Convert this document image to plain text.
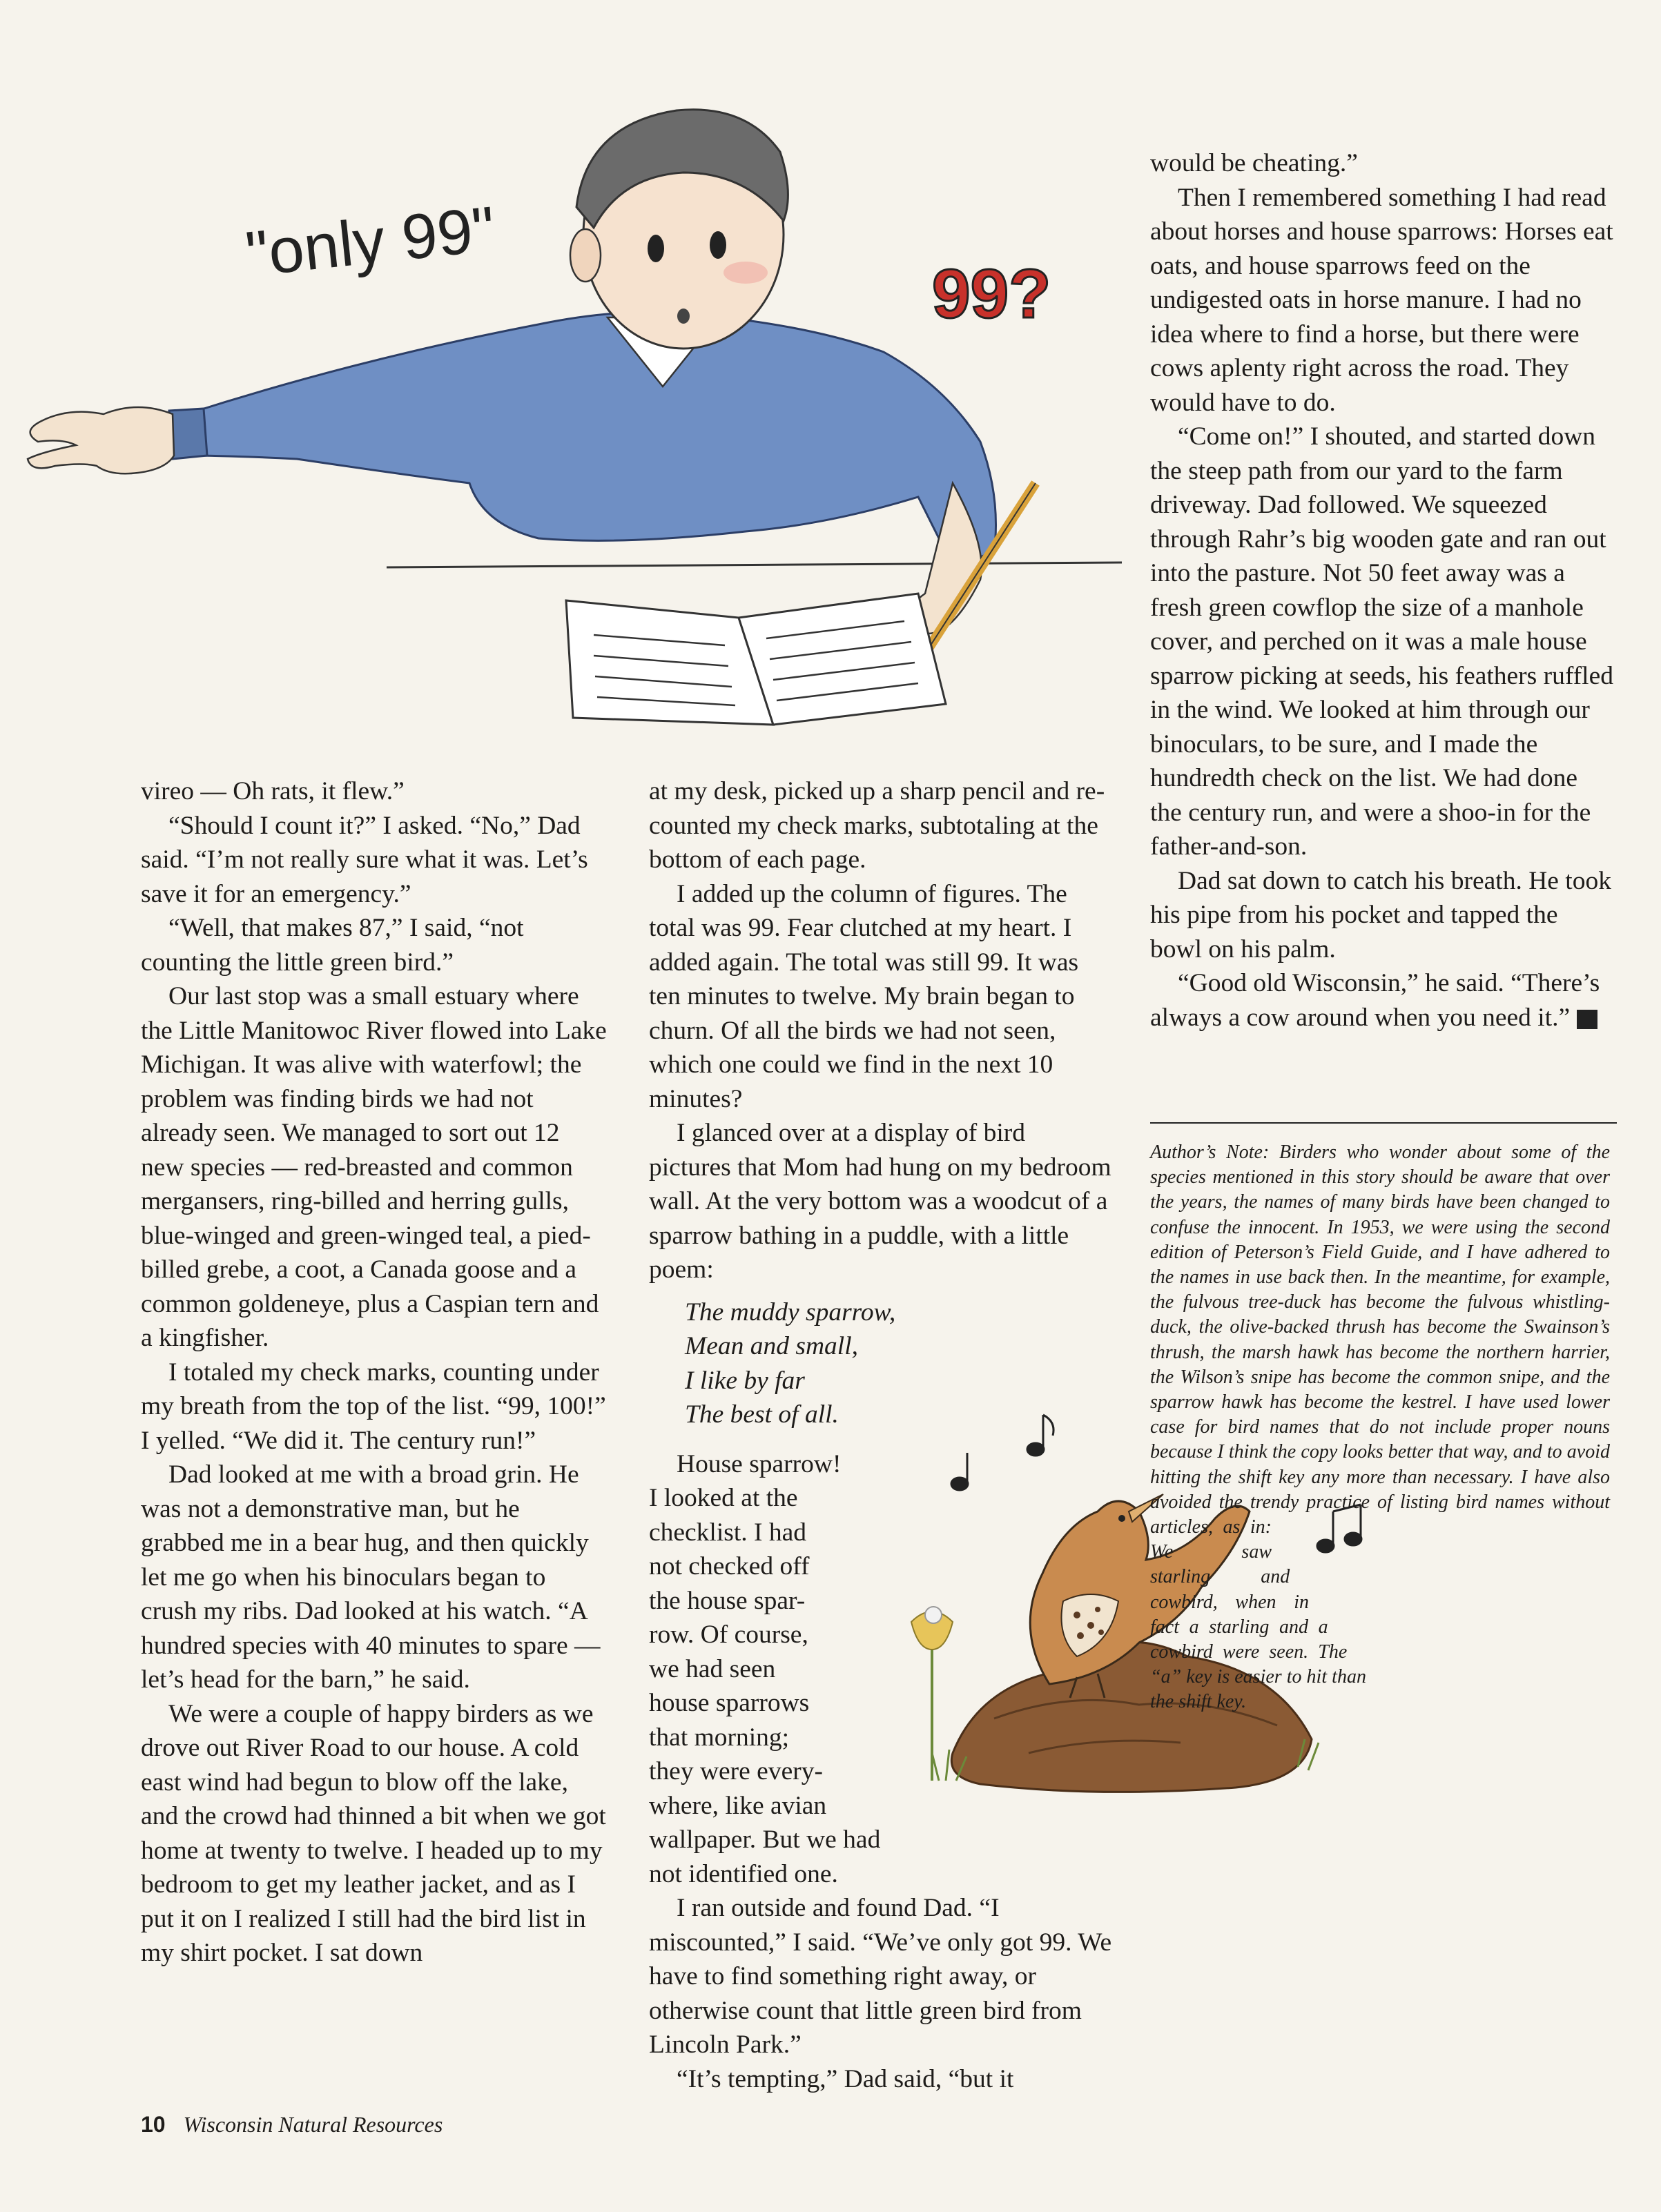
"only 99"
99?

vireo — Oh rats, it flew.”

“Should I count it?” I asked. “No,” Dad said. “I’m not really sure what it was. Let’s save it for an emergency.”

“Well, that makes 87,” I said, “not counting the little green bird.”

Our last stop was a small estuary where the Little Manitowoc River flowed into Lake Michigan. It was alive with waterfowl; the problem was finding birds we had not already seen. We managed to sort out 12 new species — red-breasted and common mergansers, ring-billed and herring gulls, blue-winged and green-winged teal, a pied-billed grebe, a coot, a Canada goose and a common goldeneye, plus a Caspian tern and a kingfisher.

I totaled my check marks, counting under my breath from the top of the list. “99, 100!” I yelled. “We did it. The century run!”

Dad looked at me with a broad grin. He was not a demonstrative man, but he grabbed me in a bear hug, and then quickly let me go when his binoculars began to crush my ribs. Dad looked at his watch. “A hundred species with 40 minutes to spare — let’s head for the barn,” he said.

We were a couple of happy birders as we drove out River Road to our house. A cold east wind had begun to blow off the lake, and the crowd had thinned a bit when we got home at twenty to twelve. I headed up to my bedroom to get my leather jacket, and as I put it on I realized I still had the bird list in my shirt pocket. I sat down

at my desk, picked up a sharp pencil and re-counted my check marks, subtotaling at the bottom of each page.

I added up the column of figures. The total was 99. Fear clutched at my heart. I added again. The total was still 99. It was ten minutes to twelve. My brain began to churn. Of all the birds we had not seen, which one could we find in the next 10 minutes?

I glanced over at a display of bird pictures that Mom had hung on my bedroom wall. At the very bottom was a woodcut of a sparrow bathing in a puddle, with a little poem:

The muddy sparrow,
Mean and small,
I like by far
The best of all.
House sparrow!
I looked at the
checklist. I had
not checked off
the house spar-
row. Of course,
we had seen
house sparrows
that morning;
they were every-
where, like avian
wallpaper. But we had
not identified one.

I ran outside and found Dad. “I miscounted,” I said. “We’ve only got 99. We have to find something right away, or otherwise count that little green bird from Lincoln Park.”

“It’s tempting,” Dad said, “but it

would be cheating.”

Then I remembered something I had read about horses and house sparrows: Horses eat oats, and house sparrows feed on the undigested oats in horse manure. I had no idea where to find a horse, but there were cows aplenty right across the road. They would have to do.

“Come on!” I shouted, and started down the steep path from our yard to the farm driveway. Dad followed. We squeezed through Rahr’s big wooden gate and ran out into the pasture. Not 50 feet away was a fresh green cowflop the size of a manhole cover, and perched on it was a male house sparrow picking at seeds, his feathers ruffled in the wind. We looked at him through our binoculars, to be sure, and I made the hundredth check on the list. We had done the century run, and were a shoo-in for the father-and-son.

Dad sat down to catch his breath. He took his pipe from his pocket and tapped the bowl on his palm.

“Good old Wisconsin,” he said. “There’s always a cow around when you need it.”	W

Author’s Note: Birders who wonder about some of the species mentioned in this story should be aware that over the years, the names of many birds have been changed to confuse the innocent. In 1953, we were using the second edition of Peterson’s Field Guide, and I have adhered to the names in use back then. In the meantime, for example, the fulvous tree-duck has become the fulvous whistling-duck, the olive-backed thrush has become the Swainson’s thrush, the marsh hawk has become the northern harrier, the Wilson’s snipe has become the common snipe, and the sparrow hawk has become the kestrel. I have used lower case for bird names that do not include proper nouns because I think the copy looks better that way, and to avoid hitting the shift key any more than necessary. I have also avoided the trendy practice of listing bird names without articles, as in: We saw starling and cowbird, when in fact a starling and a cowbird were seen. The “a” key is easier to hit than the shift key.
10 Wisconsin Natural Resources
